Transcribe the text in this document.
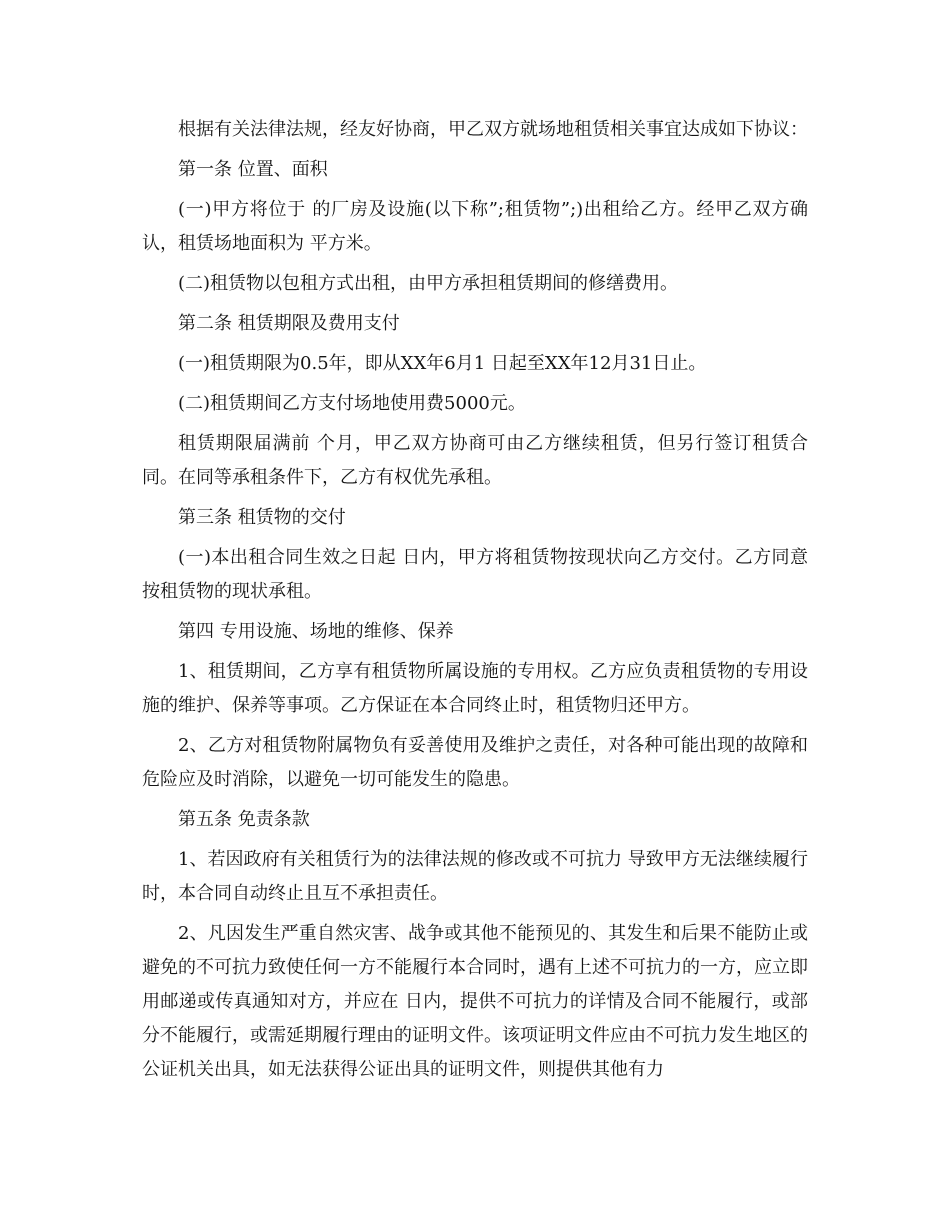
根据有关法律法规，经友好协商，甲乙双方就场地租赁相关事宜达成如下协议：

第一条 位置、面积

(一)甲方将位于 的厂房及设施(以下称”;租赁物”;)出租给乙方。经甲乙双方确认，租赁场地面积为 平方米。

(二)租赁物以包租方式出租，由甲方承担租赁期间的修缮费用。

第二条 租赁期限及费用支付

(一)租赁期限为0.5年，即从XX年6月1 日起至XX年12月31日止。

(二)租赁期间乙方支付场地使用费5000元。

租赁期限届满前 个月，甲乙双方协商可由乙方继续租赁，但另行签订租赁合同。在同等承租条件下，乙方有权优先承租。

第三条 租赁物的交付

(一)本出租合同生效之日起 日内，甲方将租赁物按现状向乙方交付。乙方同意按租赁物的现状承租。

第四 专用设施、场地的维修、保养

1、租赁期间，乙方享有租赁物所属设施的专用权。乙方应负责租赁物的专用设施的维护、保养等事项。乙方保证在本合同终止时，租赁物归还甲方。

2、乙方对租赁物附属物负有妥善使用及维护之责任，对各种可能出现的故障和危险应及时消除，以避免一切可能发生的隐患。

第五条 免责条款

1、若因政府有关租赁行为的法律法规的修改或不可抗力 导致甲方无法继续履行时，本合同自动终止且互不承担责任。

2、凡因发生严重自然灾害、战争或其他不能预见的、其发生和后果不能防止或避免的不可抗力致使任何一方不能履行本合同时，遇有上述不可抗力的一方，应立即用邮递或传真通知对方，并应在 日内，提供不可抗力的详情及合同不能履行，或部分不能履行，或需延期履行理由的证明文件。该项证明文件应由不可抗力发生地区的公证机关出具，如无法获得公证出具的证明文件，则提供其他有力
